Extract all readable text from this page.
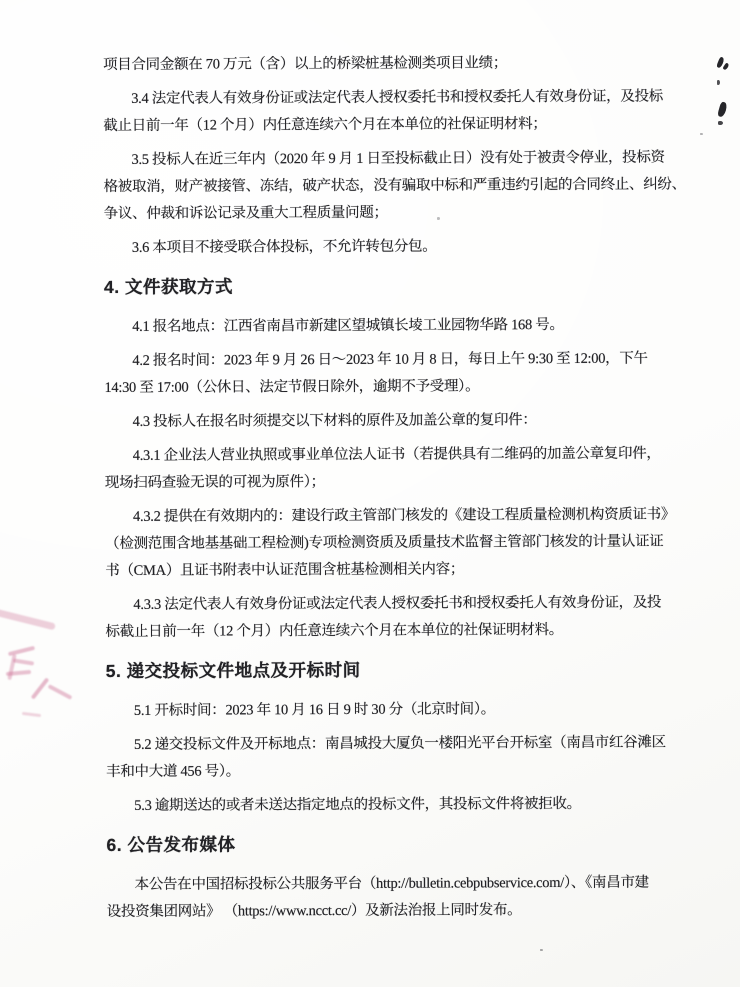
项目合同金额在 70 万元（含）以上的桥梁桩基检测类项目业绩；
3.4 法定代表人有效身份证或法定代表人授权委托书和授权委托人有效身份证，及投标
截止日前一年（12 个月）内任意连续六个月在本单位的社保证明材料；
3.5 投标人在近三年内（2020 年 9 月 1 日至投标截止日）没有处于被责令停业，投标资
格被取消，财产被接管、冻结，破产状态，没有骗取中标和严重违约引起的合同终止、纠纷、
争议、仲裁和诉讼记录及重大工程质量问题；
3.6 本项目不接受联合体投标，不允许转包分包。
4. 文件获取方式
4.1 报名地点：江西省南昌市新建区望城镇长堎工业园物华路 168 号。
4.2 报名时间：2023 年 9 月 26 日～2023 年 10 月 8 日，每日上午 9:30 至 12:00，下午
14:30 至 17:00（公休日、法定节假日除外，逾期不予受理）。
4.3 投标人在报名时须提交以下材料的原件及加盖公章的复印件：
4.3.1 企业法人营业执照或事业单位法人证书（若提供具有二维码的加盖公章复印件，
现场扫码查验无误的可视为原件）；
4.3.2 提供在有效期内的：建设行政主管部门核发的《建设工程质量检测机构资质证书》
（检测范围含地基基础工程检测)专项检测资质及质量技术监督主管部门核发的计量认证证
书（CMA）且证书附表中认证范围含桩基检测相关内容；
4.3.3 法定代表人有效身份证或法定代表人授权委托书和授权委托人有效身份证，及投
标截止日前一年（12 个月）内任意连续六个月在本单位的社保证明材料。
5. 递交投标文件地点及开标时间
5.1 开标时间：2023 年 10 月 16 日 9 时 30 分（北京时间）。
5.2 递交投标文件及开标地点：南昌城投大厦负一楼阳光平台开标室（南昌市红谷滩区
丰和中大道 456 号）。
5.3 逾期送达的或者未送达指定地点的投标文件，其投标文件将被拒收。
6. 公告发布媒体
本公告在中国招标投标公共服务平台（http://bulletin.cebpubservice.com/）、《南昌市建
设投资集团网站》 （https://www.ncct.cc/）及新法治报上同时发布。
